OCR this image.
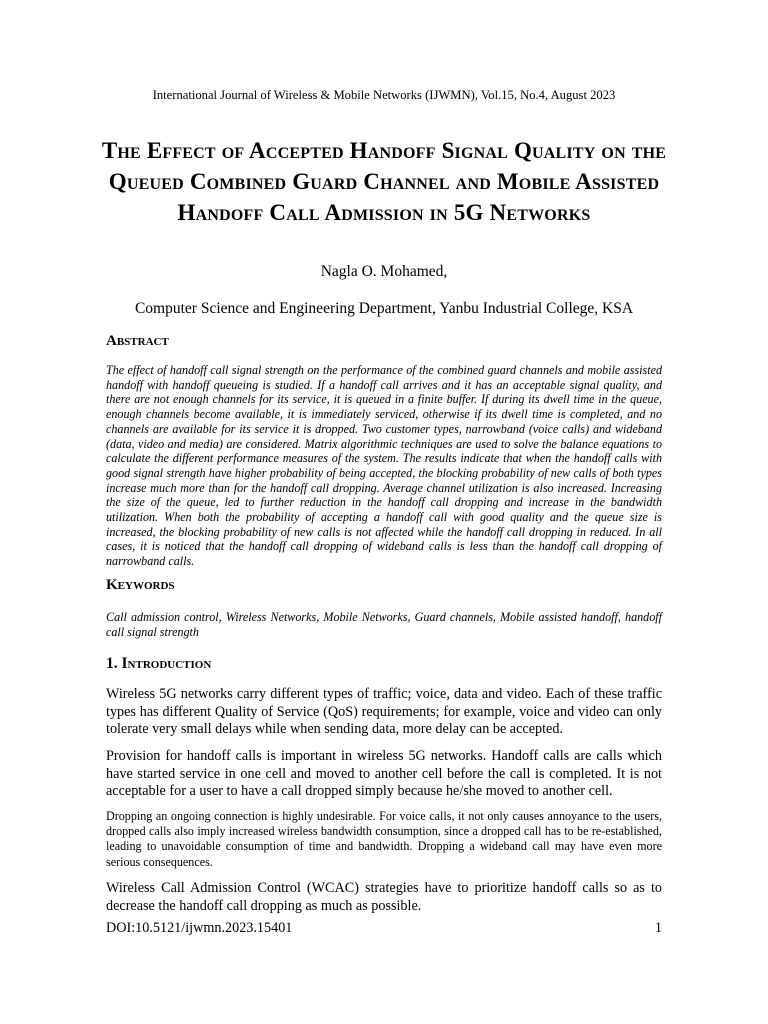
International Journal of Wireless & Mobile Networks (IJWMN), Vol.15, No.4, August 2023
The Effect of Accepted Handoff Signal Quality on the Queued Combined Guard Channel and Mobile Assisted Handoff Call Admission in 5G Networks
Nagla O. Mohamed,
Computer Science and Engineering Department, Yanbu Industrial College, KSA
Abstract
The effect of handoff call signal strength on the performance of the combined guard channels and mobile assisted handoff with handoff queueing is studied. If a handoff call arrives and it has an acceptable signal quality, and there are not enough channels for its service, it is queued in a finite buffer. If during its dwell time in the queue, enough channels become available, it is immediately serviced, otherwise if its dwell time is completed, and no channels are available for its service it is dropped. Two customer types, narrowband (voice calls) and wideband (data, video and media) are considered. Matrix algorithmic techniques are used to solve the balance equations to calculate the different performance measures of the system. The results indicate that when the handoff calls with good signal strength have higher probability of being accepted, the blocking probability of new calls of both types increase much more than for the handoff call dropping. Average channel utilization is also increased. Increasing the size of the queue, led to further reduction in the handoff call dropping and increase in the bandwidth utilization. When both the probability of accepting a handoff call with good quality and the queue size is increased, the blocking probability of new calls is not affected while the handoff call dropping in reduced. In all cases, it is noticed that the handoff call dropping of wideband calls is less than the handoff call dropping of narrowband calls.
Keywords
Call admission control, Wireless Networks, Mobile Networks, Guard channels, Mobile assisted handoff, handoff call signal strength
1. Introduction
Wireless 5G networks carry different types of traffic; voice, data and video. Each of these traffic types has different Quality of Service (QoS) requirements; for example, voice and video can only tolerate very small delays while when sending data, more delay can be accepted.
Provision for handoff calls is important in wireless 5G networks. Handoff calls are calls which have started service in one cell and moved to another cell before the call is completed. It is not acceptable for a user to have a call dropped simply because he/she moved to another cell.
Dropping an ongoing connection is highly undesirable. For voice calls, it not only causes annoyance to the users, dropped calls also imply increased wireless bandwidth consumption, since a dropped call has to be re-established, leading to unavoidable consumption of time and bandwidth. Dropping a wideband call may have even more serious consequences.
Wireless Call Admission Control (WCAC) strategies have to prioritize handoff calls so as to decrease the handoff call dropping as much as possible.
DOI:10.5121/ijwmn.2023.15401	1
